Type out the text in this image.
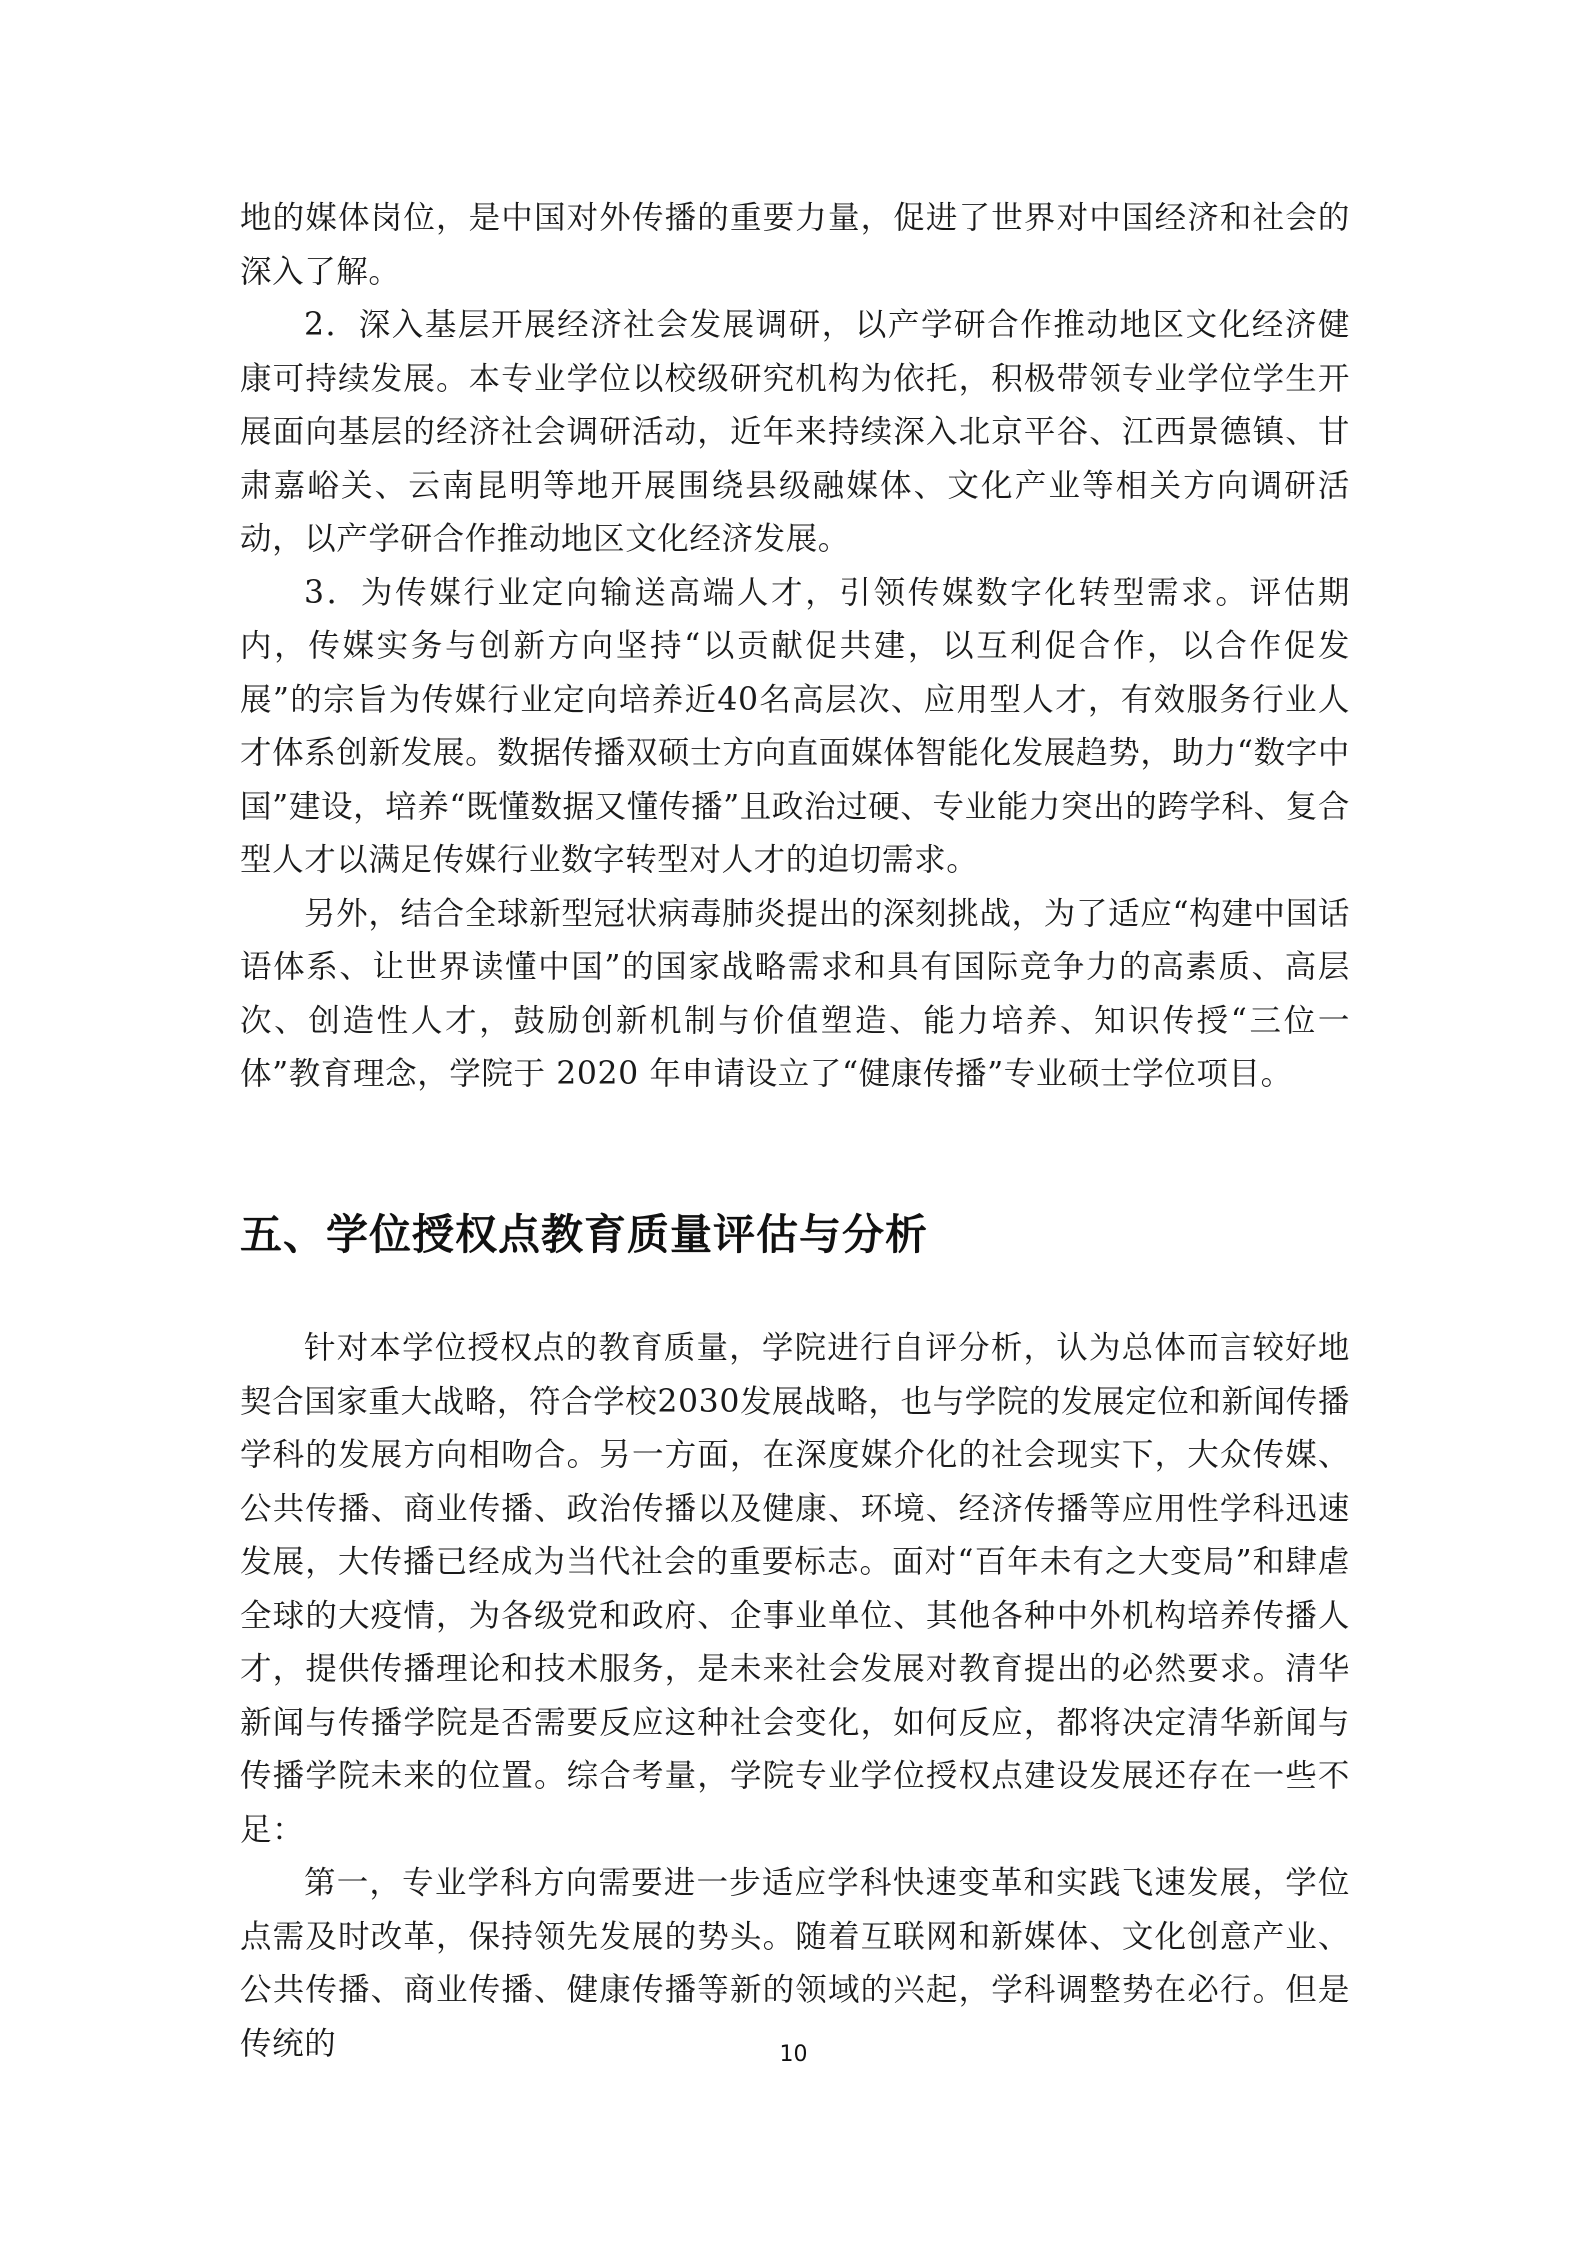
地的媒体岗位，是中国对外传播的重要力量，促进了世界对中国经济和社会的深入了解。

2．深入基层开展经济社会发展调研，以产学研合作推动地区文化经济健康可持续发展。本专业学位以校级研究机构为依托，积极带领专业学位学生开展面向基层的经济社会调研活动，近年来持续深入北京平谷、江西景德镇、甘肃嘉峪关、云南昆明等地开展围绕县级融媒体、文化产业等相关方向调研活动，以产学研合作推动地区文化经济发展。

3．为传媒行业定向输送高端人才，引领传媒数字化转型需求。评估期内，传媒实务与创新方向坚持“以贡献促共建，以互利促合作，以合作促发展”的宗旨为传媒行业定向培养近40名高层次、应用型人才，有效服务行业人才体系创新发展。数据传播双硕士方向直面媒体智能化发展趋势，助力“数字中国”建设，培养“既懂数据又懂传播”且政治过硬、专业能力突出的跨学科、复合型人才以满足传媒行业数字转型对人才的迫切需求。

另外，结合全球新型冠状病毒肺炎提出的深刻挑战，为了适应“构建中国话语体系、让世界读懂中国”的国家战略需求和具有国际竞争力的高素质、高层次、创造性人才，鼓励创新机制与价值塑造、能力培养、知识传授“三位一体”教育理念，学院于 2020 年申请设立了“健康传播”专业硕士学位项目。

五、学位授权点教育质量评估与分析

针对本学位授权点的教育质量，学院进行自评分析，认为总体而言较好地契合国家重大战略，符合学校2030发展战略，也与学院的发展定位和新闻传播学科的发展方向相吻合。另一方面，在深度媒介化的社会现实下，大众传媒、公共传播、商业传播、政治传播以及健康、环境、经济传播等应用性学科迅速发展，大传播已经成为当代社会的重要标志。面对“百年未有之大变局”和肆虐全球的大疫情，为各级党和政府、企事业单位、其他各种中外机构培养传播人才，提供传播理论和技术服务，是未来社会发展对教育提出的必然要求。清华新闻与传播学院是否需要反应这种社会变化，如何反应，都将决定清华新闻与传播学院未来的位置。综合考量，学院专业学位授权点建设发展还存在一些不足：

第一，专业学科方向需要进一步适应学科快速变革和实践飞速发展，学位点需及时改革，保持领先发展的势头。随着互联网和新媒体、文化创意产业、公共传播、商业传播、健康传播等新的领域的兴起，学科调整势在必行。但是传统的	10
